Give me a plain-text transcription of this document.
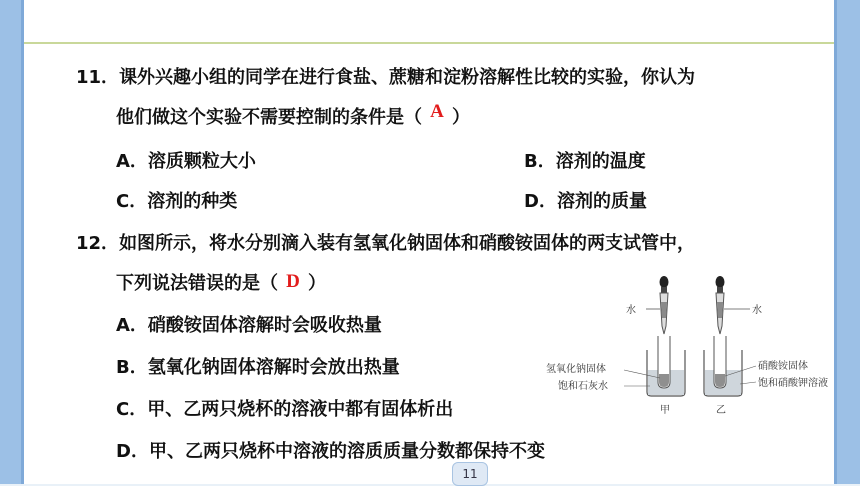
11．课外兴趣小组的同学在进行食盐、蔗糖和淀粉溶解性比较的实验，你认为
他们做这个实验不需要控制的条件是（ A ）
A．溶质颗粒大小	B．溶剂的温度
C．溶剂的种类	D．溶剂的质量
12．如图所示，将水分别滴入装有氢氧化钠固体和硝酸铵固体的两支试管中，
下列说法错误的是（ D ）
A．硝酸铵固体溶解时会吸收热量
B．氢氧化钠固体溶解时会放出热量
C．甲、乙两只烧杯的溶液中都有固体析出
D．甲、乙两只烧杯中溶液的溶质质量分数都保持不变
水	水
氢氧化钠固体
饱和石灰水
甲
硝酸铵固体
饱和硝酸钾溶液
乙
11
